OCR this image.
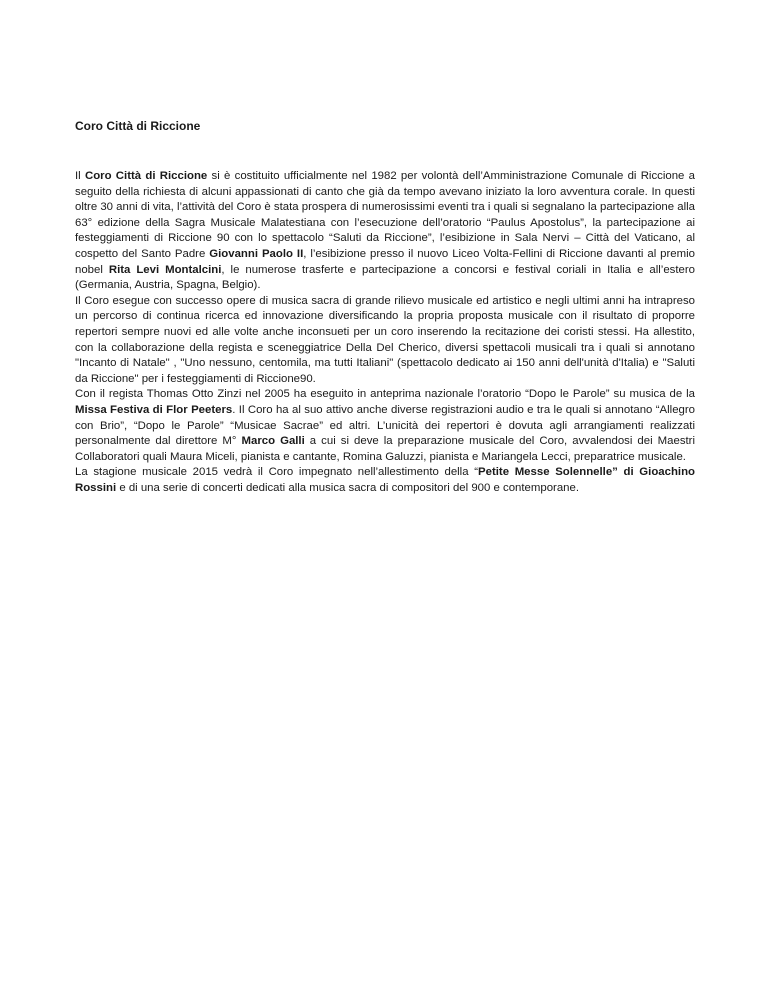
Coro Città di Riccione

Il Coro Città di Riccione si è costituito ufficialmente nel 1982 per volontà dell’Amministrazione Comunale di Riccione a seguito della richiesta di alcuni appassionati di canto che già da tempo avevano iniziato la loro avventura corale. In questi oltre 30 anni di vita, l’attività del Coro è stata prospera di numerosissimi eventi tra i quali si segnalano la partecipazione alla 63° edizione della Sagra Musicale Malatestiana con l’esecuzione dell’oratorio “Paulus Apostolus”, la partecipazione ai festeggiamenti di Riccione 90 con lo spettacolo “Saluti da Riccione”, l’esibizione in Sala Nervi – Città del Vaticano, al cospetto del Santo Padre Giovanni Paolo II, l’esibizione presso il nuovo Liceo Volta-Fellini di Riccione davanti al premio nobel Rita Levi Montalcini, le numerose trasferte e partecipazione a concorsi e festival coriali in Italia e all’estero (Germania, Austria, Spagna, Belgio).

Il Coro esegue con successo opere di musica sacra di grande rilievo musicale ed artistico e negli ultimi anni ha intrapreso un percorso di continua ricerca ed innovazione diversificando la propria proposta musicale con il risultato di proporre repertori sempre nuovi ed alle volte anche inconsueti per un coro inserendo la recitazione dei coristi stessi. Ha allestito, con la collaborazione della regista e sceneggiatrice Della Del Cherico, diversi spettacoli musicali tra i quali si annotano "Incanto di Natale" , "Uno nessuno, centomila, ma tutti Italiani" (spettacolo dedicato ai 150 anni dell'unità d'Italia) e "Saluti da Riccione" per i festeggiamenti di Riccione90.

Con il regista Thomas Otto Zinzi nel 2005 ha eseguito in anteprima nazionale l’oratorio “Dopo le Parole” su musica de la Missa Festiva di Flor Peeters. Il Coro ha al suo attivo anche diverse registrazioni audio e tra le quali si annotano “Allegro con Brio”, “Dopo le Parole” “Musicae Sacrae” ed altri. L’unicità dei repertori è dovuta agli arrangiamenti realizzati personalmente dal direttore M° Marco Galli a cui si deve la preparazione musicale del Coro, avvalendosi dei Maestri Collaboratori quali Maura Miceli, pianista e cantante, Romina Galuzzi, pianista e Mariangela Lecci, preparatrice musicale.

La stagione musicale 2015 vedrà il Coro impegnato nell’allestimento della “Petite Messe Solennelle” di Gioachino Rossini e di una serie di concerti dedicati alla musica sacra di compositori del 900 e contemporane.
